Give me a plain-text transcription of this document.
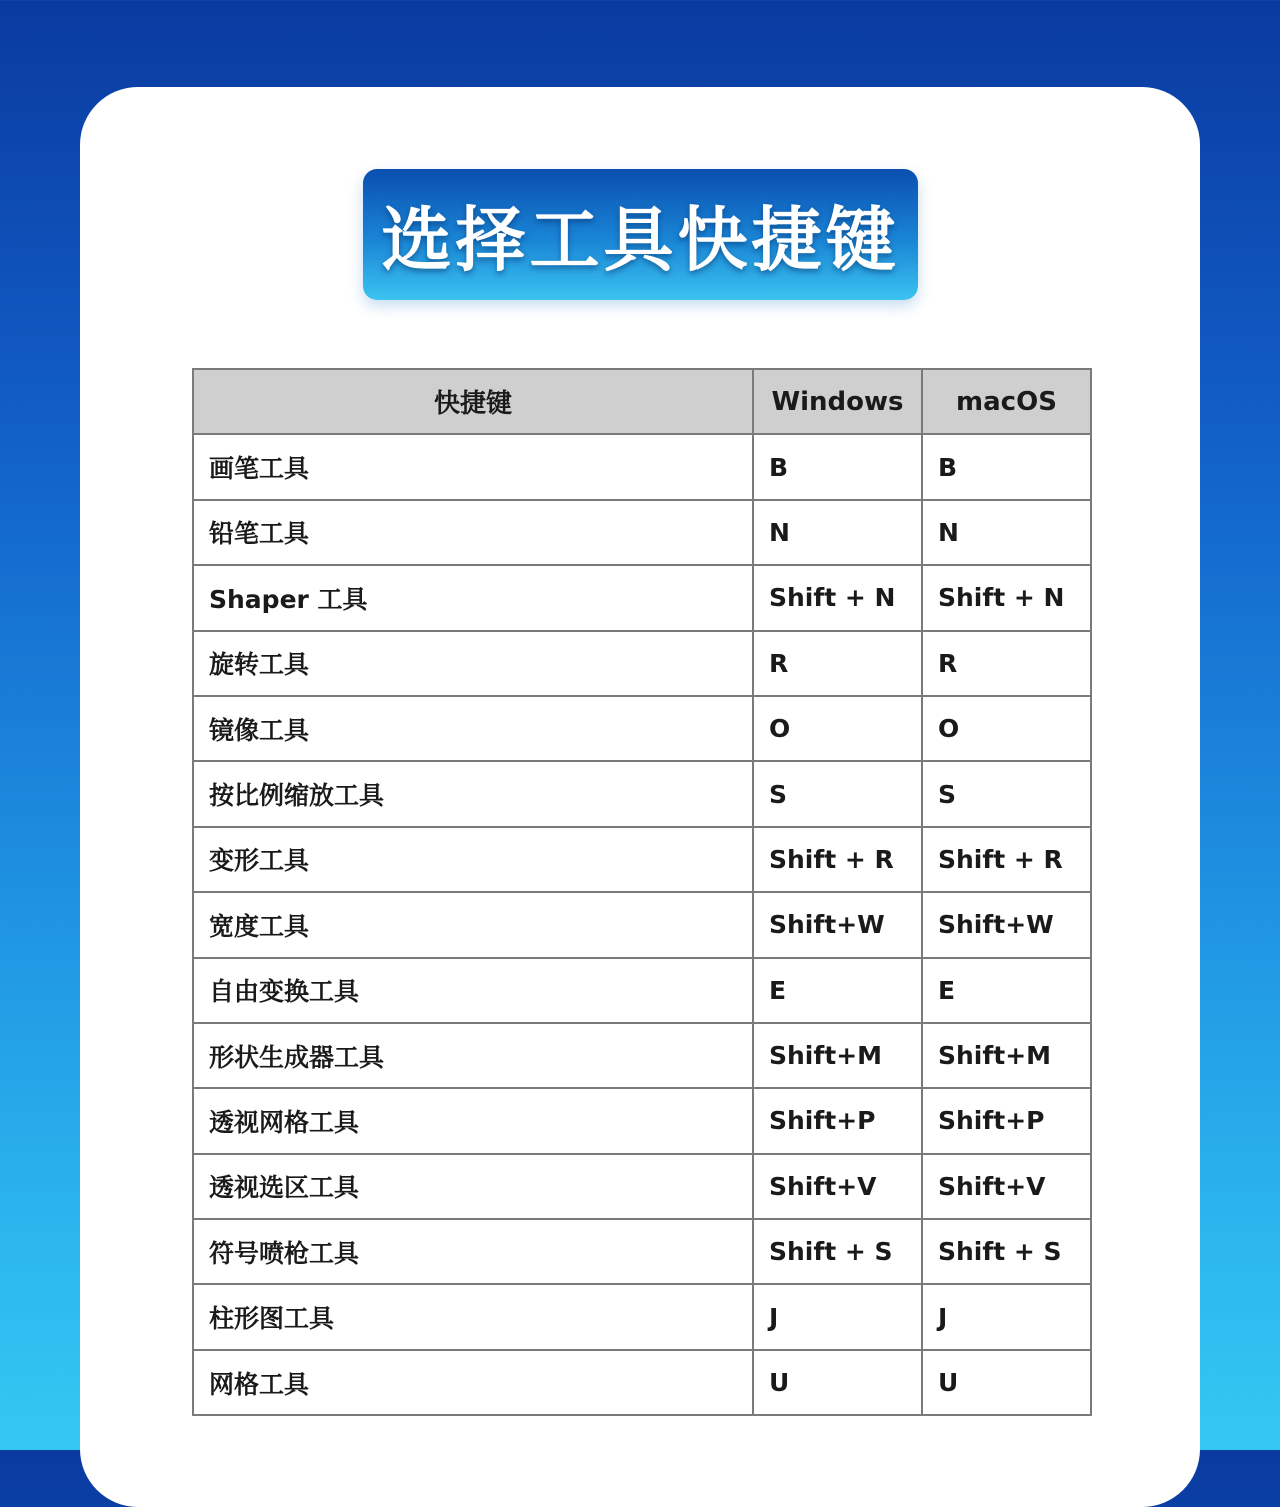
选择工具快捷键
快捷键	Windows	macOS
画笔工具	B	B
铅笔工具	N	N
Shaper 工具	Shift + N	Shift + N
旋转工具	R	R
镜像工具	O	O
按比例缩放工具	S	S
变形工具	Shift + R	Shift + R
宽度工具	Shift+W	Shift+W
自由变换工具	E	E
形状生成器工具	Shift+M	Shift+M
透视网格工具	Shift+P	Shift+P
透视选区工具	Shift+V	Shift+V
符号喷枪工具	Shift + S	Shift + S
柱形图工具	J	J
网格工具	U	U
